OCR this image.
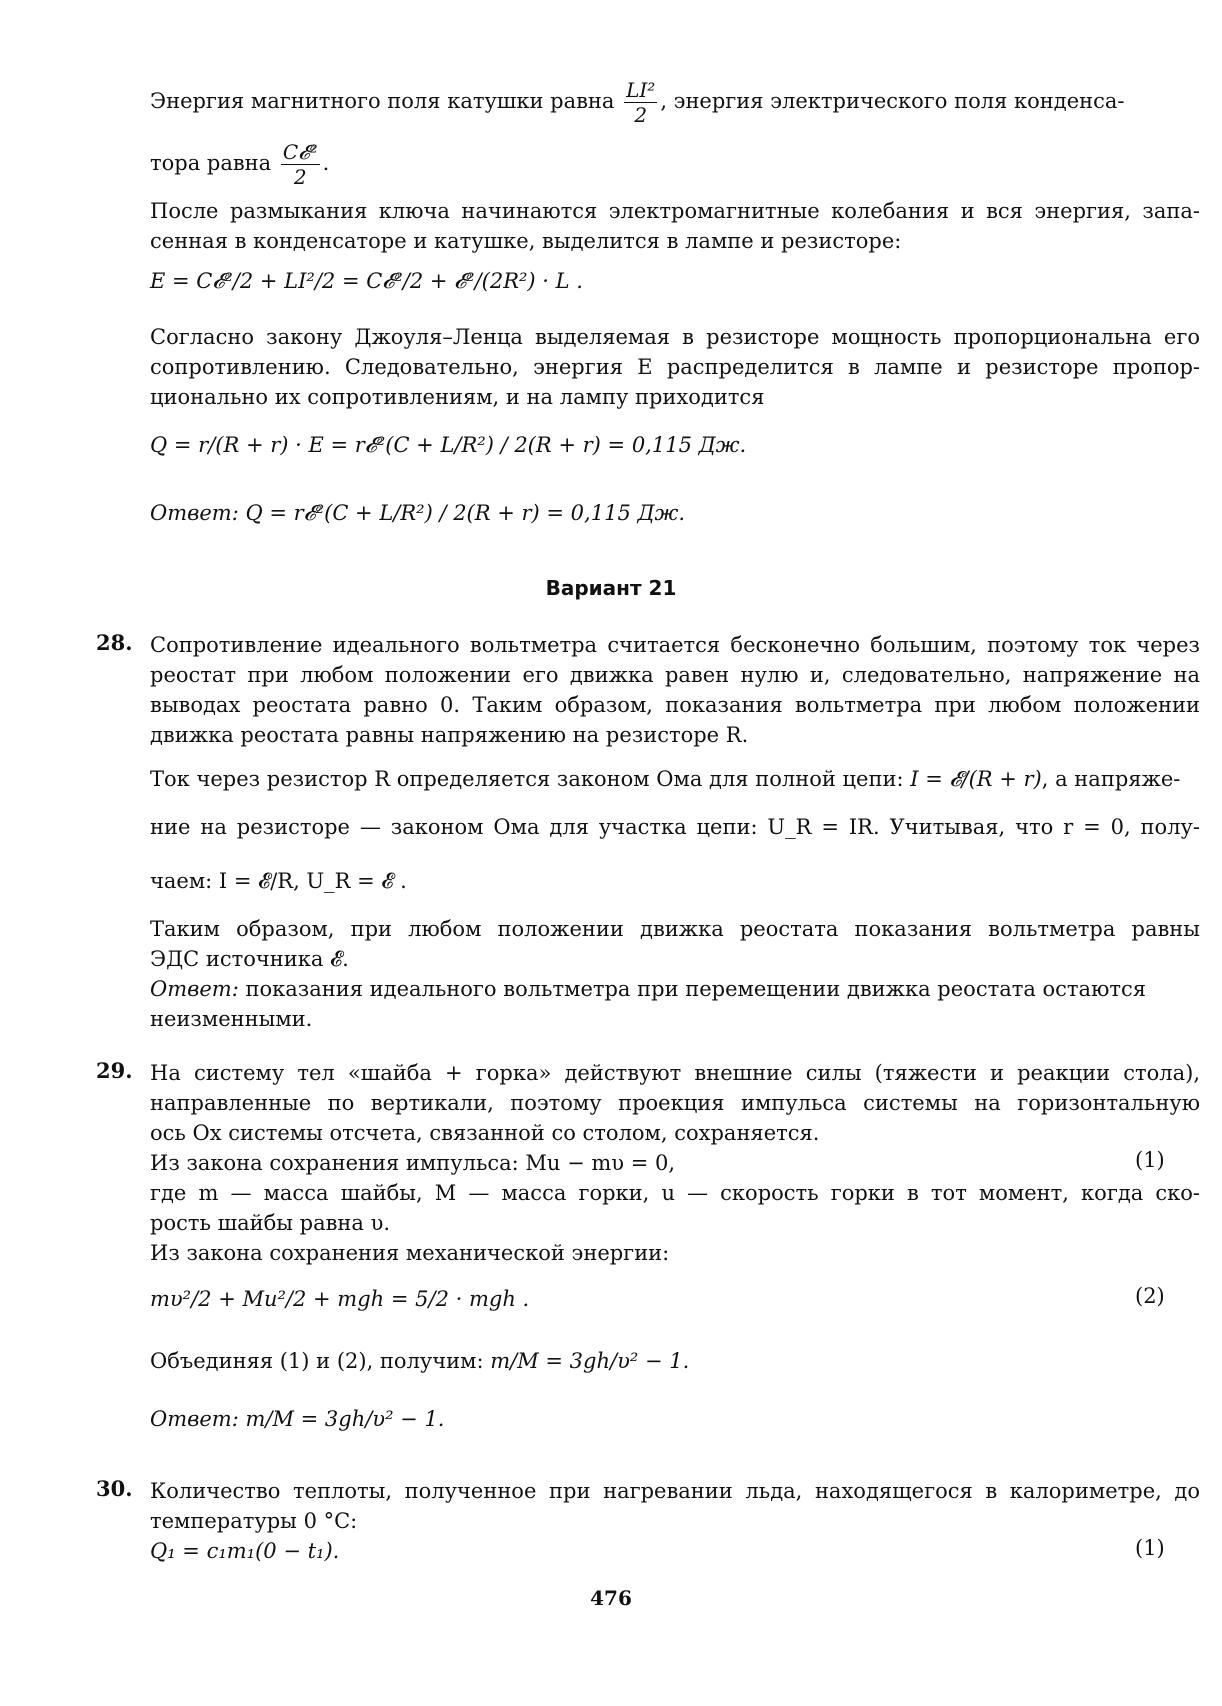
Энергия магнитного поля катушки равна $\frac{\text{LI²}}{2}$ , энергия электрического поля конденса-
тора равна $\frac{\text{C𝓔²}}{2}$ .
После размыкания ключа начинаются электромагнитные колебания и вся энергия, запа-
сенная в конденсаторе и катушке, выделится в лампе и резисторе:
E = C𝓔²/2 + LI²/2 = C𝓔²/2 + 𝓔²/(2R²) · L .
Согласно закону Джоуля–Ленца выделяемая в резисторе мощность пропорциональна его
сопротивлению. Следовательно, энергия E распределится в лампе и резисторе пропор-
ционально их сопротивлениям, и на лампу приходится
Q = r/(R + r) · E = r𝓔²(C + L/R²) / 2(R + r) = 0,115 Дж.
Ответ: Q = r𝓔²(C + L/R²) / 2(R + r) = 0,115 Дж.
Вариант 21
28. Сопротивление идеального вольтметра считается бесконечно большим, поэтому ток через
реостат при любом положении его движка равен нулю и, следовательно, напряжение на
выводах реостата равно 0. Таким образом, показания вольтметра при любом положении
движка реостата равны напряжению на резисторе R.
Ток через резистор R определяется законом Ома для полной цепи: I = 𝓔/(R + r), а напряже-
ние на резисторе — законом Ома для участка цепи: U_R = IR. Учитывая, что r = 0, полу-
чаем: I = 𝓔/R, U_R = 𝓔 .
Таким образом, при любом положении движка реостата показания вольтметра равны
ЭДС источника 𝓔.
Ответ: показания идеального вольтметра при перемещении движка реостата остаются
неизменными.
29. На систему тел «шайба + горка» действуют внешние силы (тяжести и реакции стола),
направленные по вертикали, поэтому проекция импульса системы на горизонтальную
ось Ox системы отсчета, связанной со столом, сохраняется.
Из закона сохранения импульса: Mu − mυ = 0,	(1)
где m — масса шайбы, M — масса горки, u — скорость горки в тот момент, когда ско-
рость шайбы равна υ.
Из закона сохранения механической энергии:
mυ²/2 + Mu²/2 + mgh = 5/2 · mgh .	(2)
Объединяя (1) и (2), получим: m/M = 3gh/υ² − 1.
Ответ: m/M = 3gh/υ² − 1.
30. Количество теплоты, полученное при нагревании льда, находящегося в калориметре, до
температуры 0 °С:
Q₁ = c₁m₁(0 − t₁).	(1)
476
